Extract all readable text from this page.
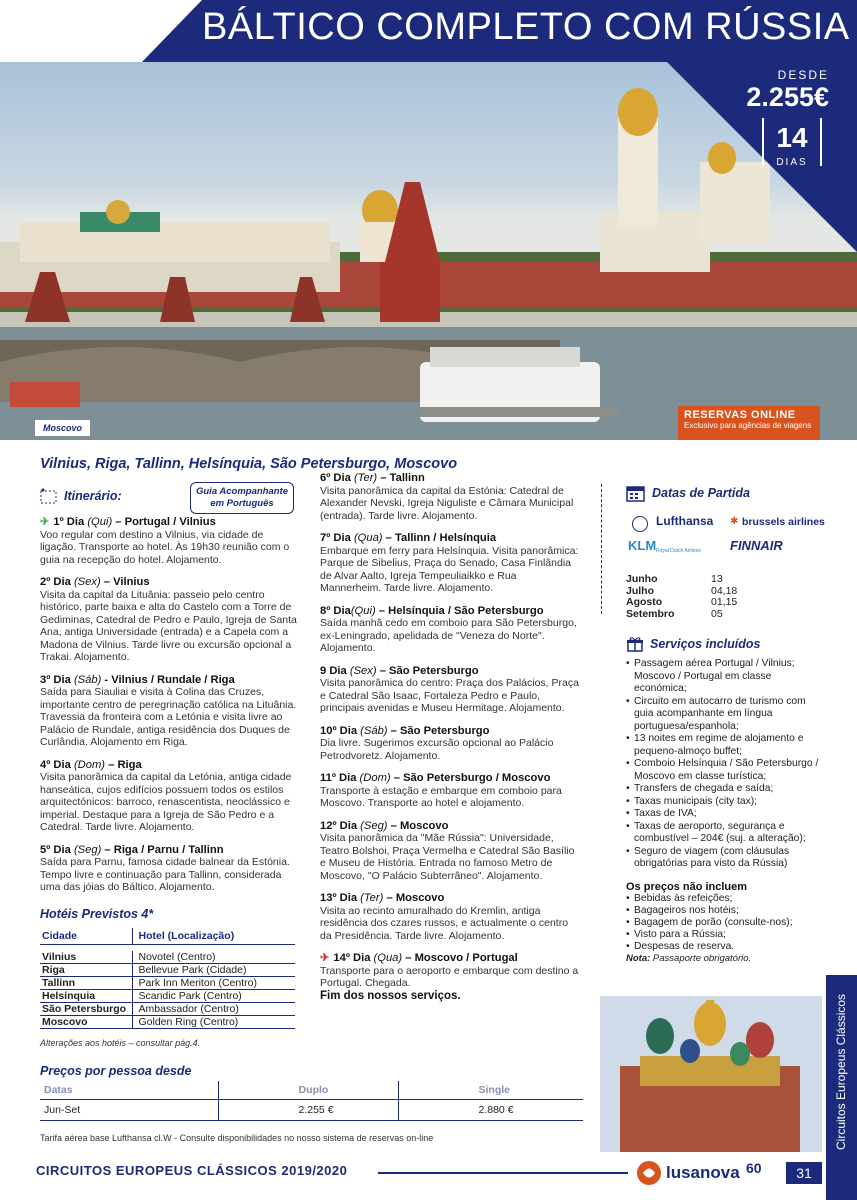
BÁLTICO COMPLETO COM RÚSSIA
DESDE
2.255€
14
DIAS
Moscovo
RESERVAS ONLINE
Exclusivo para agências de viagens
Vilnius, Riga, Tallinn, Helsínquia, São Petersburgo, Moscovo
Itinerário:
✈ 1º Dia (Qui) – Portugal / Vilnius
Voo regular com destino a Vilnius, via cidade de ligação. Transporte ao hotel. Às 19h30 reunião com o guia na recepção do hotel. Alojamento.
2º Dia (Sex) – Vilnius
Visita da capital da Lituânia: passeio pelo centro histórico, parte baixa e alta do Castelo com a Torre de Gediminas, Catedral de Pedro e Paulo, Igreja de Santa Ana, antiga Universidade (entrada) e a Capela com a Madona de Vilnius. Tarde livre ou excursão opcional a Trakai. Alojamento.
3º Dia (Sáb) - Vilnius / Rundale / Riga
Saída para Siauliai e visita à Colina das Cruzes, importante centro de peregrinação católica na Lituânia. Travessia da fronteira com a Letónia e visita livre ao Palácio de Rundale, antiga residência dos Duques de Curlândia. Alojamento em Riga.
4º Dia (Dom) – Riga
Visita panorâmica da capital da Letónia, antiga cidade hanseática, cujos edifícios possuem todos os estilos arquitectónicos: barroco, renascentista, neoclássico e imperial. Destaque para a Igreja de São Pedro e a Catedral. Tarde livre. Alojamento.
5º Dia (Seg) – Riga / Parnu / Tallinn
Saída para Parnu, famosa cidade balnear da Estónia. Tempo livre e continuação para Tallinn, considerada uma das jóias do Báltico. Alojamento.
Guia Acompanhante
em Português
6º Dia (Ter) – Tallinn
Visita panorâmica da capital da Estónia: Catedral de Alexander Nevski, Igreja Niguliste e Câmara Municipal (entrada). Tarde livre. Alojamento.
7º Dia (Qua) – Tallinn / Helsínquia
Embarque em ferry para Helsínquia. Visita panorâmica: Parque de Sibelius, Praça do Senado, Casa Finlândia de Alvar Aalto, Igreja Tempeuliaikko e Rua Mannerheim. Tarde livre. Alojamento.
8º Dia(Qui) – Helsínquia / São Petersburgo
Saída manhã cedo em comboio para São Petersburgo, ex-Leningrado, apelidada de "Veneza do Norte". Alojamento.
9 Dia (Sex) – São Petersburgo
Visita panorâmica do centro: Praça dos Palácios, Praça e Catedral São Isaac, Fortaleza Pedro e Paulo, principais avenidas e Museu Hermitage. Alojamento.
10º Dia (Sáb) – São Petersburgo
Dia livre. Sugerimos excursão opcional ao Palácio Petrodvoretz. Alojamento.
11º Dia (Dom) – São Petersburgo / Moscovo
Transporte à estação e embarque em comboio para Moscovo. Transporte ao hotel e alojamento.
12º Dia (Seg) – Moscovo
Visita panorâmica da "Mãe Rússia": Universidade, Teatro Bolshoi, Praça Vermelha e Catedral São Basílio e Museu de História. Entrada no famoso Metro de Moscovo, "O Palácio Subterrâneo". Alojamento.
13º Dia (Ter) – Moscovo
Visita ao recinto amuralhado do Kremlin, antiga residência dos czares russos, e actualmente o centro da Presidência. Tarde livre. Alojamento.
✈ 14º Dia (Qua) – Moscovo / Portugal
Transporte para o aeroporto e embarque com destino a Portugal. Chegada.
Fim dos nossos serviços.
Hotéis Previstos 4*
Cidade	Hotel (Localização)

Vilnius	Novotel (Centro)
Riga	Bellevue Park (Cidade)
Tallinn	Park Inn Meriton (Centro)
Helsínquia	Scandic Park (Centro)
São Petersburgo	Ambassador (Centro)
Moscovo	Golden Ring (Centro)
Alterações aos hotéis – consultar pág.4.
Preços por pessoa desde
Datas	Duplo	Single
Jun-Set	2.255 €	2.880 €
Tarifa aérea base Lufthansa cl.W - Consulte disponibilidades no nosso sistema de reservas on-line
Datas de Partida
Lufthansa ✱ brussels airlines
KLM Royal Dutch Airlines FINNAIR
Junho	13
Julho	04,18
Agosto	01,15
Setembro	05
Serviços incluídos
• Passagem aérea Portugal / Vilnius; Moscovo / Portugal em classe económica;
• Circuito em autocarro de turismo com guia acompanhante em língua portuguesa/espanhola;
• 13 noites em regime de alojamento e pequeno-almoço buffet;
• Comboio Helsínquia / São Petersburgo / Moscovo em classe turística;
• Transfers de chegada e saída;
• Taxas municipais (city tax);
• Taxas de IVA;
• Taxas de aeroporto, segurança e combustível – 204€ (suj. a alteração);
• Seguro de viagem (com cláusulas obrigatórias para visto da Rússia)
Os preços não incluem
• Bebidas às refeições;
• Bagageiros nos hotéis;
• Bagagem de porão (consulte-nos);
• Visto para a Rússia;
• Despesas de reserva.
Nota: Passaporte obrigatório.
CIRCUITOS EUROPEUS CLÁSSICOS 2019/2020	lusanova 60	31
Circuitos Europeus Clássicos
